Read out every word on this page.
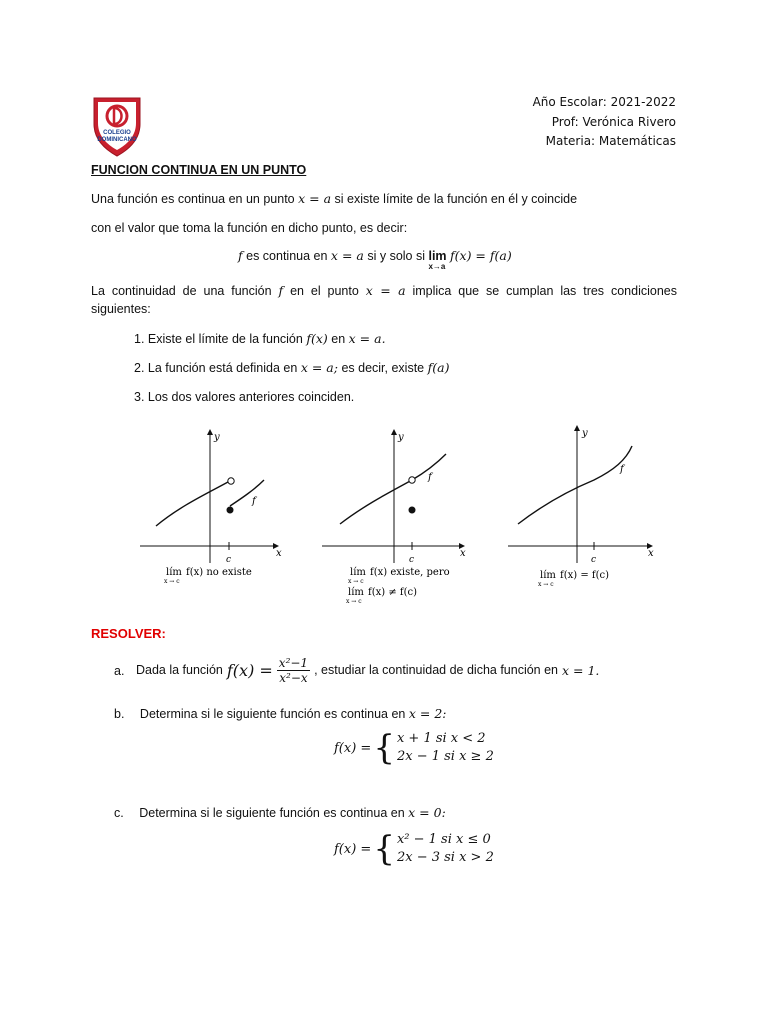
COLEGIO
DOMINICANO
Año Escolar: 2021-2022
Prof: Verónica Rivero
Materia: Matemáticas
FUNCION CONTINUA EN UN PUNTO
Una función es continua en un punto x = a si existe límite de la función en él y coincide
con el valor que toma la función en dicho punto, es decir:
f es continua en x = a si y solo si lim
x→a
f(x) = f(a)
La continuidad de una función f en el punto x = a implica que se cumplan las tres condiciones
siguientes:
1. Existe el límite de la función f(x) en x = a.
2. La función está definida en x = a; es decir, existe f(a)
3. Los dos valores anteriores coinciden.
y
x
c
f
lím
x → c
f(x) no existe
y
x
c
f
lím
x → c
f(x) existe, pero
lím
x → c
f(x) ≠ f(c)
y
x
c
f
lím
x → c
f(x) = f(c)
RESOLVER:
a. Dada la función $f(x) = \frac{\text{x²−1}}{\text{x²−x}}$ , estudiar la continuidad de dicha función en x = 1.
b. Determina si le siguiente función es continua en x = 2:
f(x) = { x + 1 si x < 2
2x − 1 si x ≥ 2
c. Determina si le siguiente función es continua en x = 0:
f(x) = { x² − 1 si x ≤ 0
2x − 3 si x > 2
